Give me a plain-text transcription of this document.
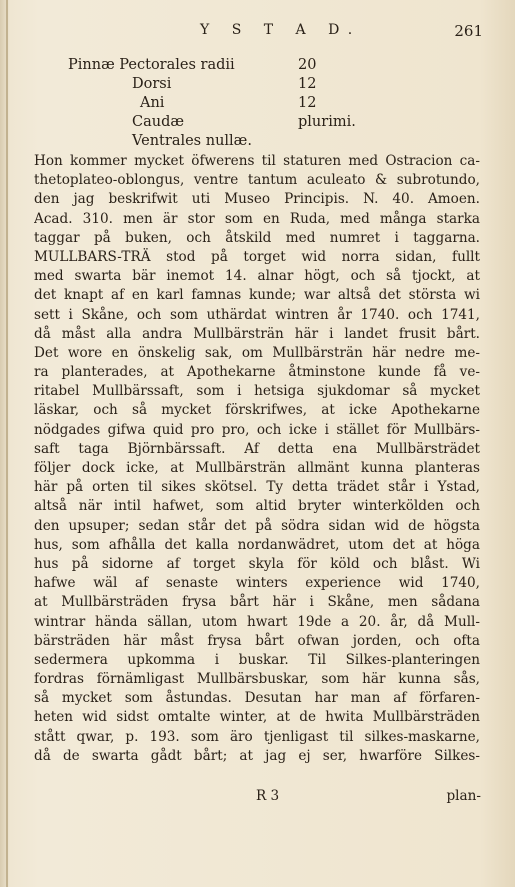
Y S T A D.	261
Pinnæ Pectorales radii	20
Dorsi	12
Ani	12
Caudæ	plurimi.
Ventrales nullæ.
Hon kommer mycket öfwerens til staturen med Ostracion ca-
thetoplateo-oblongus, ventre tantum aculeato & subrotundo,
den jag beskrifwit uti Museo Principis. N. 40. Amoen.
Acad. 310. men är stor som en Ruda, med många starka
taggar på buken, och åtskild med numret i taggarna.
MULLBARS-TRÄ stod på torget wid norra sidan, fullt
med swarta bär inemot 14. alnar högt, och så tjockt, at
det knapt af en karl famnas kunde; war altså det största wi
sett i Skåne, och som uthärdat wintren år 1740. och 1741,
då måst alla andra Mullbärsträn här i landet frusit bårt.
Det wore en önskelig sak, om Mullbärsträn här nedre me-
ra planterades, at Apothekarne åtminstone kunde få ve-
ritabel Mullbärssaft, som i hetsiga sjukdomar så mycket
läskar, och så mycket förskrifwes, at icke Apothekarne
nödgades gifwa quid pro pro, och icke i stället för Mullbärs-
saft taga Björnbärssaft. Af detta ena Mullbärsträdet
följer dock icke, at Mullbärsträn allmänt kunna planteras
här på orten til sikes skötsel. Ty detta trädet står i Ystad,
altså när intil hafwet, som altid bryter winterkölden och
den upsuper; sedan står det på södra sidan wid de högsta
hus, som afhålla det kalla nordanwädret, utom det at höga
hus på sidorne af torget skyla för köld och blåst. Wi
hafwe wäl af senaste winters experience wid 1740,
at Mullbärsträden frysa bårt här i Skåne, men sådana
wintrar hända sällan, utom hwart 19de a 20. år, då Mull-
bärsträden här måst frysa bårt ofwan jorden, och ofta
sedermera upkomma i buskar. Til Silkes-planteringen
fordras förnämligast Mullbärsbuskar, som här kunna sås,
så mycket som åstundas. Desutan har man af förfaren-
heten wid sidst omtalte winter, at de hwita Mullbärsträden
stått qwar, p. 193. som äro tjenligast til silkes-maskarne,
då de swarta gådt bårt; at jag ej ser, hwarföre Silkes-
R 3	plan-
